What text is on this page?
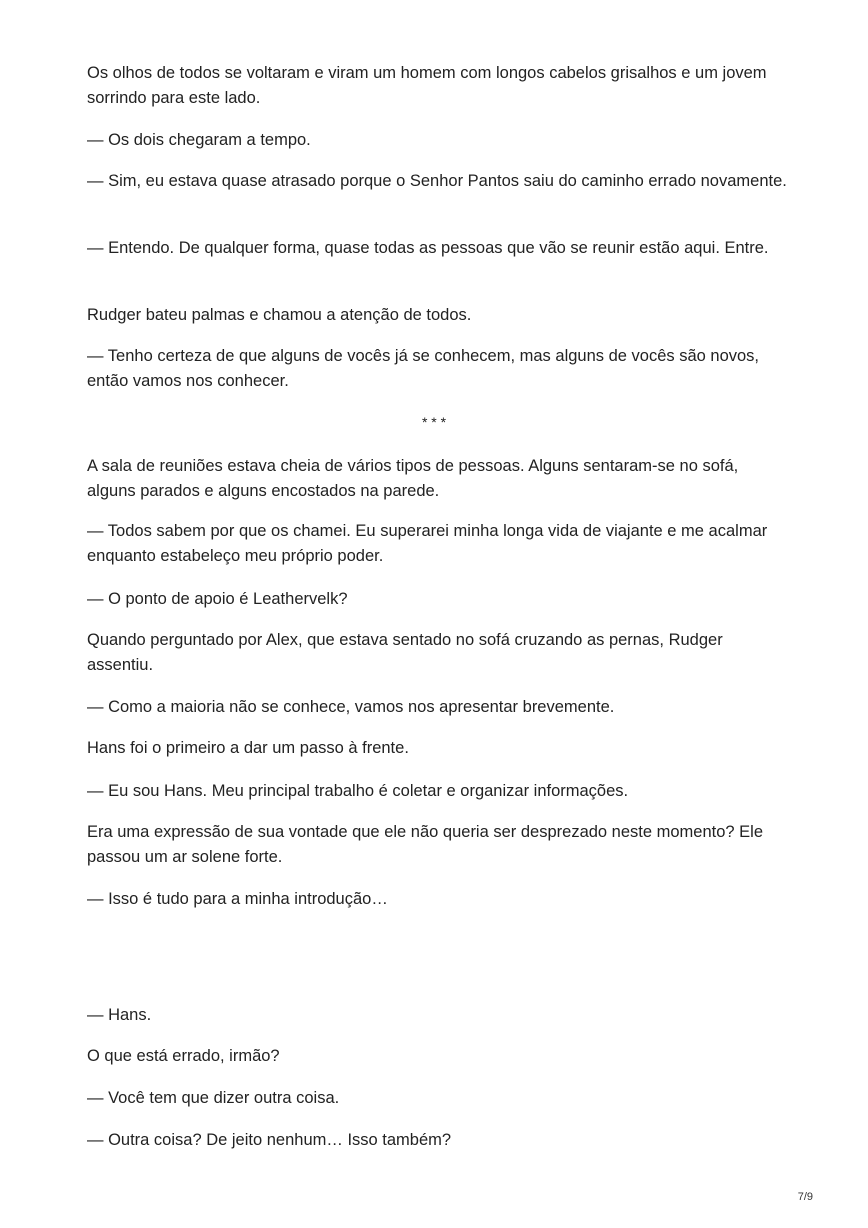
Os olhos de todos se voltaram e viram um homem com longos cabelos grisalhos e um jovem sorrindo para este lado.

— Os dois chegaram a tempo.

— Sim, eu estava quase atrasado porque o Senhor Pantos saiu do caminho errado novamente.

— Entendo. De qualquer forma, quase todas as pessoas que vão se reunir estão aqui. Entre.

Rudger bateu palmas e chamou a atenção de todos.

— Tenho certeza de que alguns de vocês já se conhecem, mas alguns de vocês são novos, então vamos nos conhecer.

* * *

A sala de reuniões estava cheia de vários tipos de pessoas. Alguns sentaram-se no sofá, alguns parados e alguns encostados na parede.

— Todos sabem por que os chamei. Eu superarei minha longa vida de viajante e me acalmar enquanto estabeleço meu próprio poder.

— O ponto de apoio é Leathervelk?

Quando perguntado por Alex, que estava sentado no sofá cruzando as pernas, Rudger assentiu.

— Como a maioria não se conhece, vamos nos apresentar brevemente.

Hans foi o primeiro a dar um passo à frente.

— Eu sou Hans. Meu principal trabalho é coletar e organizar informações.

Era uma expressão de sua vontade que ele não queria ser desprezado neste momento? Ele passou um ar solene forte.

— Isso é tudo para a minha introdução…

— Hans.

O que está errado, irmão?

— Você tem que dizer outra coisa.

— Outra coisa? De jeito nenhum… Isso também?

7/9
